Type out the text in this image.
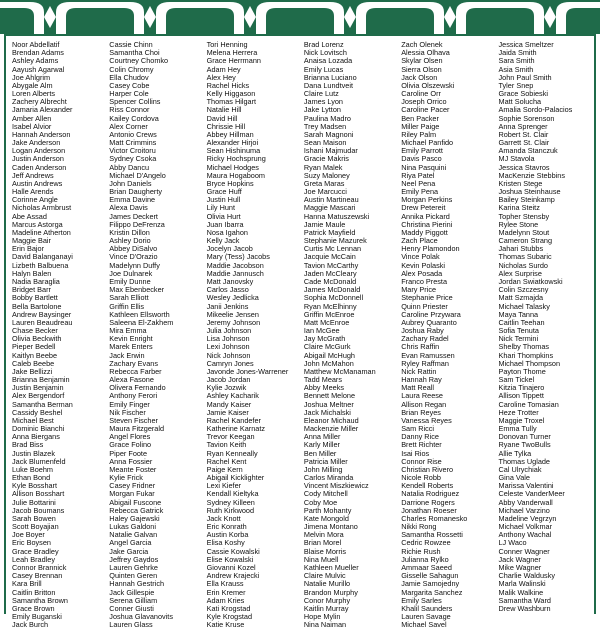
Noor Abdellatif
Brendan Adams
Ashley Adams
Aayush Agarwal
Joe Ahlgrim
Abygale Alm
Loren Alberts
Zachery Albrecht
Jamaria Alexander
Amber Allen
Isabel Alvior
Hannah Anderson
Jake Anderson
Logan Anderson
Justin Anderson
Caden Anderson
Jeff Andrews
Austin Andrews
Halle Arends
Corinne Angle
Nicholas Armbrust
Abe Assad
Marcus Astorga
Madeline Atherton
Maggie Bair
Erin Bajor
David Balanganayi
Lizbeth Balbuena
Halyn Balen
Nadia Baraglia
Bridget Barr
Bobby Bartlett
Bella Bartolone
Andrew Baysinger
Lauren Beaudreau
Chase Becker
Olivia Beckwith
Pieper Bedell
Kaitlyn Beebe
Caleb Beebe
Jake Bellizzi
Brianna Benjamin
Justin Benjamin
Alex Bergendorf
Samantha Berman
Cassidy Beshel
Michael Best
Dominic Bianchi
Anna Biergans
Brad Biss
Justin Blazek
Jack Blumenfeld
Luke Boehm
Ethan Bond
Kyle Bosshart
Allison Bosshart
Julie Bottarini
Jacob Boumans
Sarah Bowen
Scott Boyajian
Joe Boyer
Eric Boysen
Grace Bradley
Leah Bradley
Connor Brannick
Casey Brennan
Kara Brill
Caitlin Britton
Samantha Brown
Grace Brown
Emily Buganski
Jack Burch
Cassie Chinn
Samantha Choi
Courtney Chomko
Colin Chromy
Ella Chudov
Casey Cobe
Harper Cole
Spencer Collins
Riss Connor
Kailey Cordova
Alex Corner
Antonio Crews
Matt Crimmins
Victor Croitoru
Sydney Csoka
Abby Dancu
Michael D'Angelo
John Daniels
Brian Daugherty
Emma Davine
Alexa Davis
James Deckert
Filippo DeFrenza
Kristin Dillon
Ashley Dorio
Abbey DiSalvo
Vince D'Orazio
Madelynn Duffy
Joe Dulnarek
Emily Dunne
Max Ebenbecker
Sarah Elliott
Griffin Ellis
Kathleen Ellsworth
Saleena El-Zakhem
Mira Emma
Kevin Enright
Marek Enters
Jack Erwin
Zachary Evans
Rebecca Farber
Alexa Fasone
Olivera Fernando
Anthony Ferori
Emily Finger
Nik Fischer
Steven Fischer
Maura Fitzgerald
Angel Flores
Grace Folino
Piper Foote
Anna Fossier
Meante Foster
Kylie Frick
Casey Fridner
Morgan Fukar
Abigail Fuscone
Rebecca Gatrick
Haley Gajewski
Lukas Galdoni
Natalie Galvan
Angel Garcia
Jake Garcia
Jeffrey Gaydos
Lauren Gehrke
Quinten Geren
Hannah Gestrich
Jack Gillespie
Serena Gilliam
Conner Giusti
Joshua Glavanovits
Lauren Glass
Tori Henning
Melena Herrera
Grace Herrmann
Adam Hey
Alex Hey
Rachel Hicks
Kelly Higgason
Thomas Hilgart
Natalie Hill
David Hill
Chrissie Hill
Abbey Hillman
Alexander Hirjoi
Sean Hishinuma
Ricky Hochsprung
Michael Hodges
Maura Hogaboom
Bryce Hopkins
Grace Huff
Justin Hull
Lily Hunt
Olivia Hurt
Juan Ibarra
Nosa Igahon
Kelly Jack
Jocelyn Jacob
Mary (Tess) Jacobs
Maddie Jacobson
Maddie Jannusch
Matt Janovsky
Carlos Jasso
Wesley Jedlicka
Janii Jenkins
Mikeelie Jensen
Jeremy Johnson
Julia Johnson
Lisa Johnson
Lexi Johnson
Nick Johnson
Camryn Jones
Javonde Jones-Warrener
Jacob Jordan
Kylie Jozwik
Ashley Kacharik
Mandy Kaiser
Jamie Kaiser
Rachel Kandefer
Katherine Karnatz
Trevor Keegan
Tavion Keith
Ryan Kenneally
Rachel Kent
Paige Kern
Abigail Kicklighter
Lexi Kiefer
Kendall Kieltyka
Sydney Killeen
Ruth Kirkwood
Jack Knott
Eric Konrath
Austin Korba
Elisa Koshy
Cassie Kowalski
Elise Kowalski
Giovanni Kozel
Andrew Krajecki
Ella Krauss
Erin Kremer
Adam Kries
Kati Krogstad
Kyle Krogstad
Katie Kruse
Brad Lorenz
Nick Lovitsch
Anaisa Lozada
Emily Lucas
Brianna Luciano
Dana Lundtveit
Claire Lutz
James Lyon
Jake Lytton
Paulina Madro
Trey Madsen
Sarah Magnoni
Sean Maison
Ishani Majmudar
Gracie Makris
Ryan Malek
Suzy Maloney
Greta Maras
Joe Marcucci
Austin Martineau
Maggie Mascari
Hanna Matuszewski
Jamie Maule
Patrick Mayfield
Stephanie Mazurek
Curtis Mc Lennan
Jacquie McCain
Tavion McCarthy
Jaden McCleary
Cade McDonald
James McDonald
Sophia McDonnell
Ryan McElhinny
Griffin McEnroe
Matt McEnroe
Ian McGee
Jay McGrath
Claire McGurk
Abigail McHugh
John McMahon
Matthew McManaman
Tadd Mears
Abby Meeks
Bennett Melone
Joshua Meltner
Jack Michalski
Eleanor Michaud
Mackenzie Miller
Anna Miller
Karly Miller
Ben Miller
Patricia Miller
John Milling
Carlos Miranda
Vincent Miszkiewicz
Cody Mitchell
Coby Moe
Parth Mohanty
Kate Mongold
Jimena Montano
Melvin Mora
Brian Morel
Blaise Morris
Nina Muell
Kathleen Mueller
Claire Mulvic
Natalie Murillo
Brandon Murphy
Conor Murphy
Kaitlin Murray
Hope Mylin
Nina Naiman
Zach Olenek
Alessia Olhava
Skylar Olsen
Sierra Olson
Jack Olson
Olivia Olszewski
Caroline Orr
Joseph Orrico
Caroline Pacer
Ben Packer
Miller Paige
Riley Palm
Michael Panfido
Emily Parrott
Davis Pasco
Nina Pasquini
Riya Patel
Neel Pena
Emily Pena
Morgan Perkins
Drew Petereit
Annika Pickard
Christina Pierini
Maddy Piggott
Zach Place
Henry Plamondon
Vince Polak
Kevin Polaski
Alex Posada
Franco Presta
Mary Price
Stephanie Price
Quinn Priester
Caroline Przywara
Aubrey Quaranto
Joshua Raby
Zachary Radel
Chris Raffin
Evan Ramussen
Ryley Raffman
Nick Rattin
Hannah Ray
Matt Reall
Laura Reese
Allison Regan
Brian Reyes
Vanessa Reyes
Sam Ricci
Danny Rice
Brett Richter
Isai Rios
Connor Rise
Christian Rivero
Nicole Robb
Kendell Roberts
Natalia Rodriguez
Darrione Rogers
Jonathan Roeser
Charles Romanesko
Nikki Rong
Samantha Rossetti
Cedric Rowzee
Richie Rush
Julianna Rylko
Ammaar Saeed
Gisselle Sahagun
Jamie Samojedny
Margarita Sanchez
Emily Sarles
Khalil Saunders
Lauren Savage
Michael Savel
Jessica Smeltzer
Jaida Smith
Sara Smith
Asia Smith
John Paul Smith
Tyler Snep
Grace Sobieski
Matt Solucha
Amalia Sordo-Palacios
Sophie Sorenson
Anna Sprenger
Robert St. Clair
Garrett St. Clair
Amanda Stanczuk
MJ Stavola
Jessica Stavros
MacKenzie Stebbins
Kristen Stege
Joshua Steinhause
Bailey Steinkamp
Karina Steitz
Topher Stensby
Rylee Stone
Madelynn Stout
Cameron Strang
Jahari Stubbs
Thomas Subaric
Nicholas Surdo
Alex Surprise
Jordan Swiatkowski
Colin Szczesny
Matt Szmajda
Michael Talasky
Maya Tanna
Caitlin Teehan
Sofia Tenuta
Nick Termini
Shelby Thomas
Khari Thompkins
Michael Thompson
Payton Thome
Sam Tickel
Kitzia Tinajero
Allison Tippett
Caroline Tomasian
Heze Trotter
Maggie Troxel
Emma Tully
Donovan Turner
Ryane TwoBulls
Allie Tylka
Thomas Uglade
Cal Ulrychiak
Gina Vale
Marissa Valentini
Celeste VanderMeer
Abby Vanderwall
Michael Varzino
Madeline Vegrzyn
Michael Volkmar
Anthony Wachal
LJ Waco
Conner Wagner
Jack Wagner
Mike Wagner
Charlie Waldusky
Marla Walinski
Malik Walkine
Samantha Ward
Drew Washburn
